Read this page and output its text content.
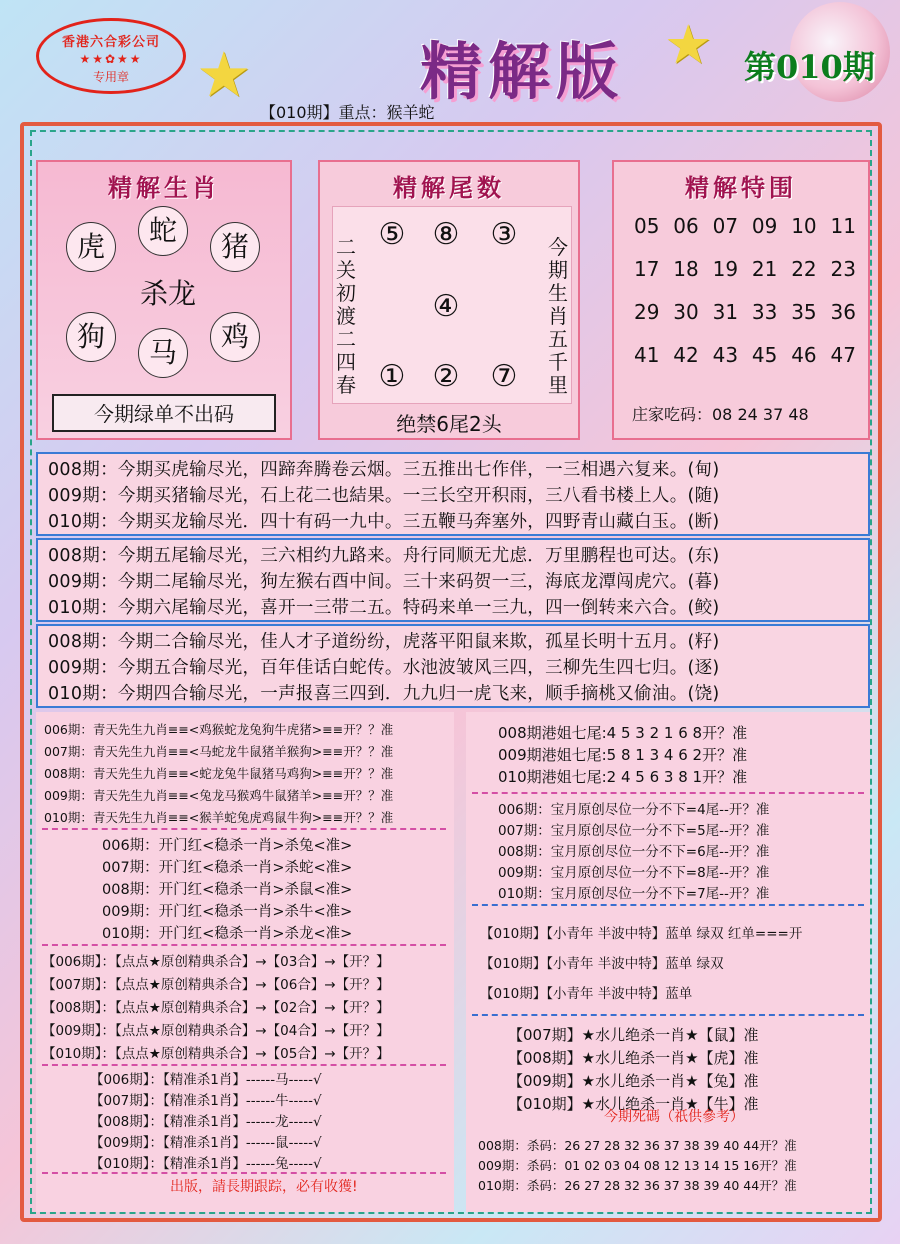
香港六合彩公司
★★✿★★
专用章	★	★
精解版	第010期
【010期】重点：猴羊蛇
精解生肖
虎	蛇	猪
杀龙
狗	马	鸡
今期绿单不出码
精解尾数
二
关
初
渡
二
四
春
今
期
生
肖
五
千
里
⑤ ⑧ ③
④
① ② ⑦
绝禁6尾2头
精解特围
05 06 07 09 10 11
17 18 19 21 22 23
29 30 31 33 35 36
41 42 43 45 46 47
庄家吃码：08 24 37 48
008期：今期买虎输尽光，四蹄奔腾卷云烟。三五推出七作伴，一三相遇六复来。(甸)
009期：今期买猪输尽光，石上花二也結果。一三长空开积雨，三八看书楼上人。(随)
010期：今期买龙输尽光．四十有码一九中。三五鞭马奔塞外，四野青山藏白玉。(断)
008期：今期五尾输尽光，三六相约九路来。舟行同顺无尤虑．万里鹏程也可达。(东)
009期：今期二尾输尽光，狗左猴右酉中间。三十来码贺一三，海底龙潭闯虎穴。(暮)
010期：今期六尾输尽光，喜开一三带二五。特码来单一三九，四一倒转来六合。(鲛)
008期：今期二合输尽光，佳人才子道纷纷，虎落平阳鼠来欺，孤星长明十五月。(籽)
009期：今期五合输尽光，百年佳话白蛇传。水池波皱风三四，三柳先生四七归。(逐)
010期：今期四合输尽光，一声报喜三四到．九九归一虎飞来，顺手摘桃又偷油。(饶)
006期：青天先生九肖≡≡<鸡猴蛇龙兔狗牛虎猪>≡≡开？？准
007期：青天先生九肖≡≡<马蛇龙牛鼠猪羊猴狗>≡≡开？？准
008期：青天先生九肖≡≡<蛇龙兔牛鼠猪马鸡狗>≡≡开？？准
009期：青天先生九肖≡≡<兔龙马猴鸡牛鼠猪羊>≡≡开？？准
010期：青天先生九肖≡≡<猴羊蛇兔虎鸡鼠牛狗>≡≡开？？准
006期：开门红<稳杀一肖>杀兔<准>
007期：开门红<稳杀一肖>杀蛇<准>
008期：开门红<稳杀一肖>杀鼠<准>
009期：开门红<稳杀一肖>杀牛<准>
010期：开门红<稳杀一肖>杀龙<准>
【006期】：【点点★原创精典杀合】→【03合】→【开？】
【007期】：【点点★原创精典杀合】→【06合】→【开？】
【008期】：【点点★原创精典杀合】→【02合】→【开？】
【009期】：【点点★原创精典杀合】→【04合】→【开？】
【010期】：【点点★原创精典杀合】→【05合】→【开？】
【006期】：【精准杀1肖】------马-----√
【007期】：【精准杀1肖】------牛-----√
【008期】：【精准杀1肖】------龙-----√
【009期】：【精准杀1肖】------鼠-----√
【010期】：【精准杀1肖】------兔-----√
出版，請長期跟踪，必有收獲!
008期港姐七尾:4 5 3 2 1 6 8开？准
009期港姐七尾:5 8 1 3 4 6 2开？准
010期港姐七尾:2 4 5 6 3 8 1开？准
006期：宝月原创尽位一分不下=4尾--开？准
007期：宝月原创尽位一分不下=5尾--开？准
008期：宝月原创尽位一分不下=6尾--开？准
009期：宝月原创尽位一分不下=8尾--开？准
010期：宝月原创尽位一分不下=7尾--开？准
【010期】【小青年 半波中特】蓝单 绿双 红单===开
【010期】【小青年 半波中特】蓝单 绿双
【010期】【小青年 半波中特】蓝单
【007期】★水儿绝杀一肖★【鼠】准
【008期】★水儿绝杀一肖★【虎】准
【009期】★水儿绝杀一肖★【兔】准
【010期】★水儿绝杀一肖★【牛】准
008期：杀码：26 27 28 32 36 37 38 39 40 44开？准
009期：杀码：01 02 03 04 08 12 13 14 15 16开？准
010期：杀码：26 27 28 32 36 37 38 39 40 44开？准
今期死碼（祇供參考）
